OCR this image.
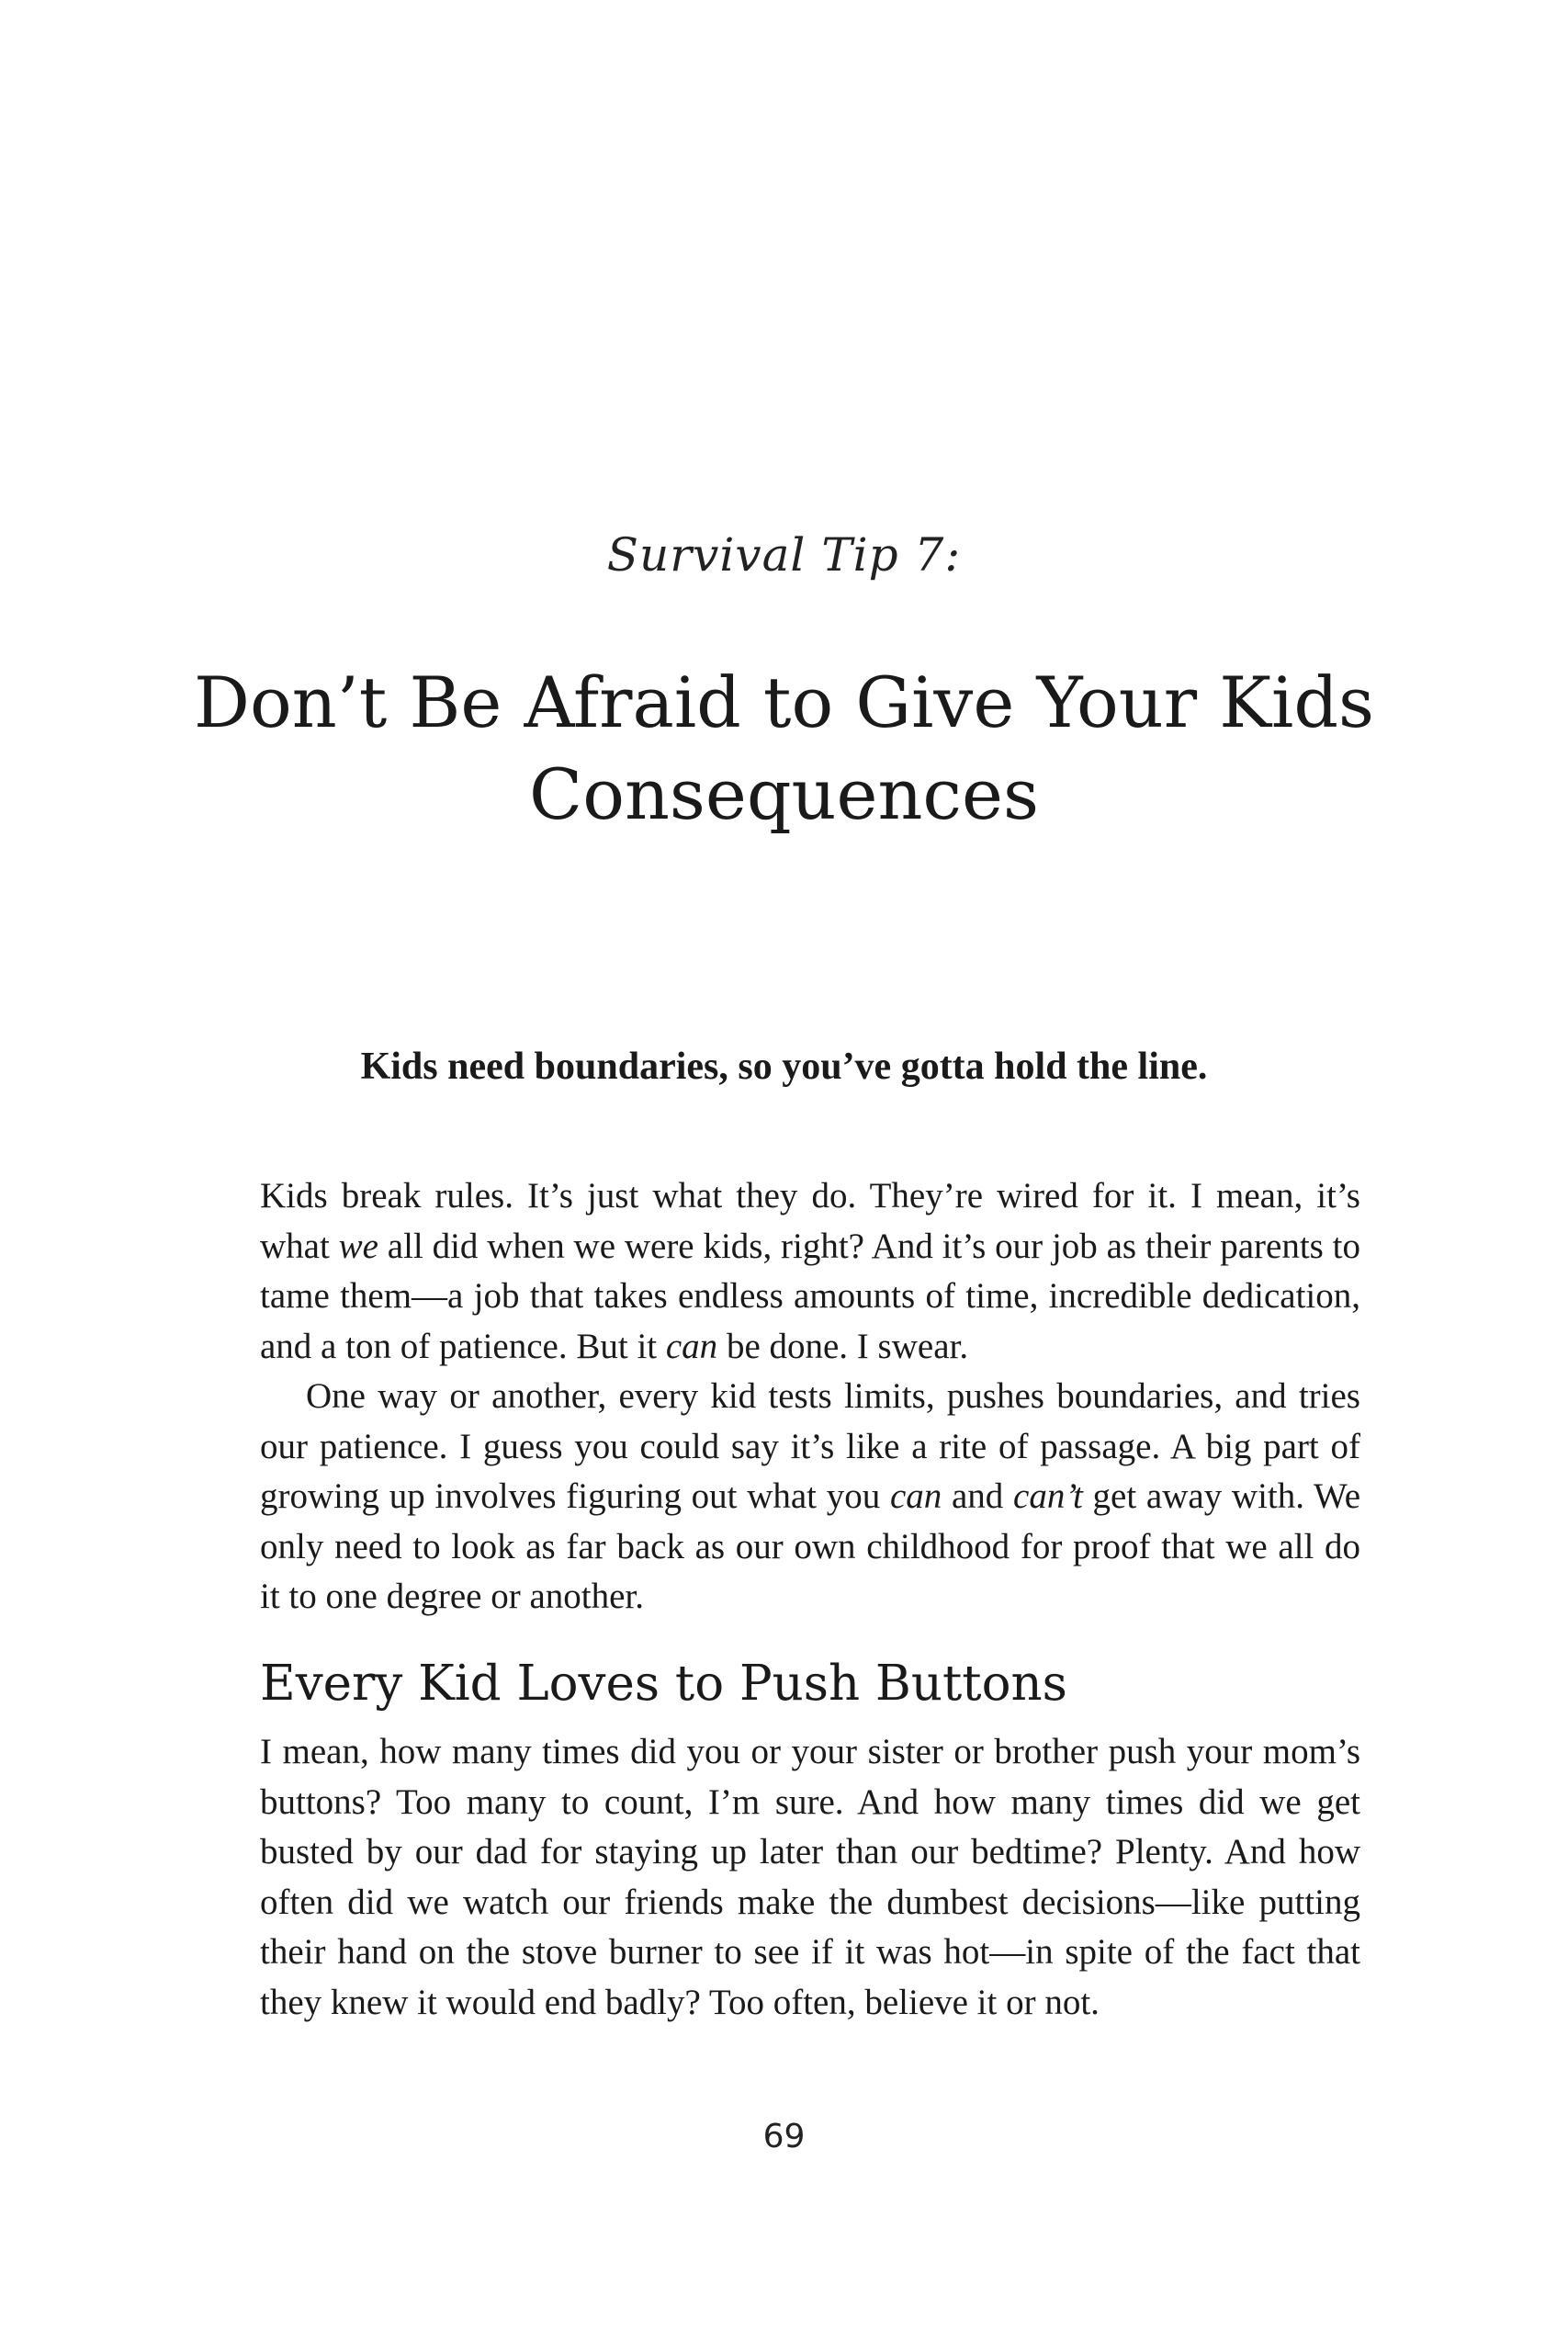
Survival Tip 7:
Don’t Be Afraid to Give Your Kids Consequences

Kids need boundaries, so you’ve gotta hold the line.

Kids break rules. It’s just what they do. They’re wired for it. I mean, it’s what we all did when we were kids, right? And it’s our job as their parents to tame them—a job that takes endless amounts of time, incredible dedication, and a ton of patience. But it can be done. I swear.

One way or another, every kid tests limits, pushes boundaries, and tries our patience. I guess you could say it’s like a rite of passage. A big part of growing up involves figuring out what you can and can’t get away with. We only need to look as far back as our own childhood for proof that we all do it to one degree or another.

Every Kid Loves to Push Buttons

I mean, how many times did you or your sister or brother push your mom’s buttons? Too many to count, I’m sure. And how many times did we get busted by our dad for staying up later than our bedtime? Plenty. And how often did we watch our friends make the dumbest decisions—like putting their hand on the stove burner to see if it was hot—in spite of the fact that they knew it would end badly? Too often, believe it or not.

69
